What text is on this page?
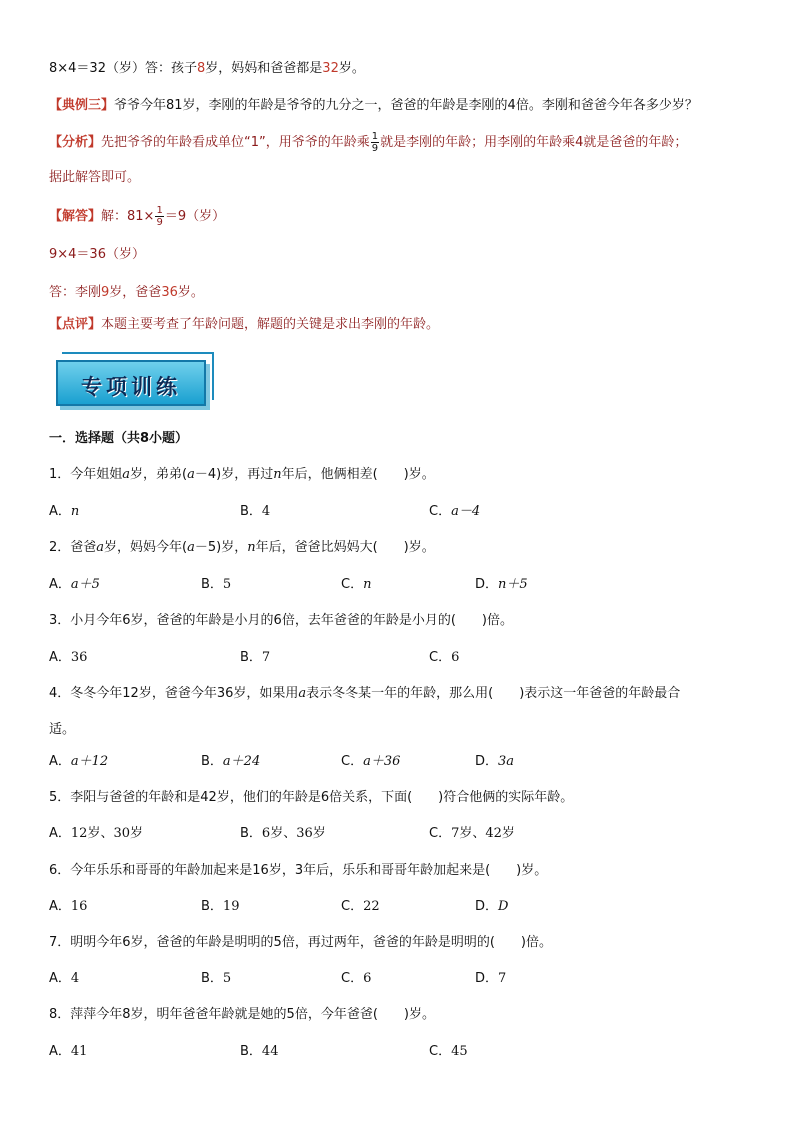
8×4＝32（岁）答：孩子8岁，妈妈和爸爸都是32岁。
【典例三】爷爷今年81岁，李刚的年龄是爷爷的九分之一，爸爸的年龄是李刚的4倍。李刚和爸爸今年各多少岁？
【分析】先把爷爷的年龄看成单位“1”，用爷爷的年龄乘 $\frac{1}{9}$ 就是李刚的年龄；用李刚的年龄乘4就是爸爸的年龄；
据此解答即可。
【解答】解：$81\times \frac{1}{9} =9$（岁）
9×4＝36（岁）
答：李刚9岁，爸爸36岁。
【点评】本题主要考查了年龄问题，解题的关键是求出李刚的年龄。
专项训练
一．选择题（共8小题）
1．今年姐姐a岁，弟弟(a－4)岁，再过n年后，他俩相差(　　)岁。
A．n	B．4	C．a－4
2．爸爸a岁，妈妈今年(a－5)岁，n年后，爸爸比妈妈大(　　)岁。
A．a＋5	B．5	C．n	D．n＋5
3．小月今年6岁，爸爸的年龄是小月的6倍，去年爸爸的年龄是小月的(　　)倍。
A．36	B．7	C．6
4．冬冬今年12岁，爸爸今年36岁，如果用a表示冬冬某一年的年龄，那么用(　　)表示这一年爸爸的年龄最合
适。
A．a＋12	B．a＋24	C．a＋36	D．3a
5．李阳与爸爸的年龄和是42岁，他们的年龄是6倍关系，下面(　　)符合他俩的实际年龄。
A．12岁、30岁	B．6岁、36岁	C．7岁、42岁
6．今年乐乐和哥哥的年龄加起来是16岁，3年后，乐乐和哥哥年龄加起来是(　　)岁。
A．16	B．19	C．22	D．D
7．明明今年6岁，爸爸的年龄是明明的5倍，再过两年，爸爸的年龄是明明的(　　)倍。
A．4	B．5	C．6	D．7
8．萍萍今年8岁，明年爸爸年龄就是她的5倍，今年爸爸(　　)岁。
A．41	B．44	C．45
